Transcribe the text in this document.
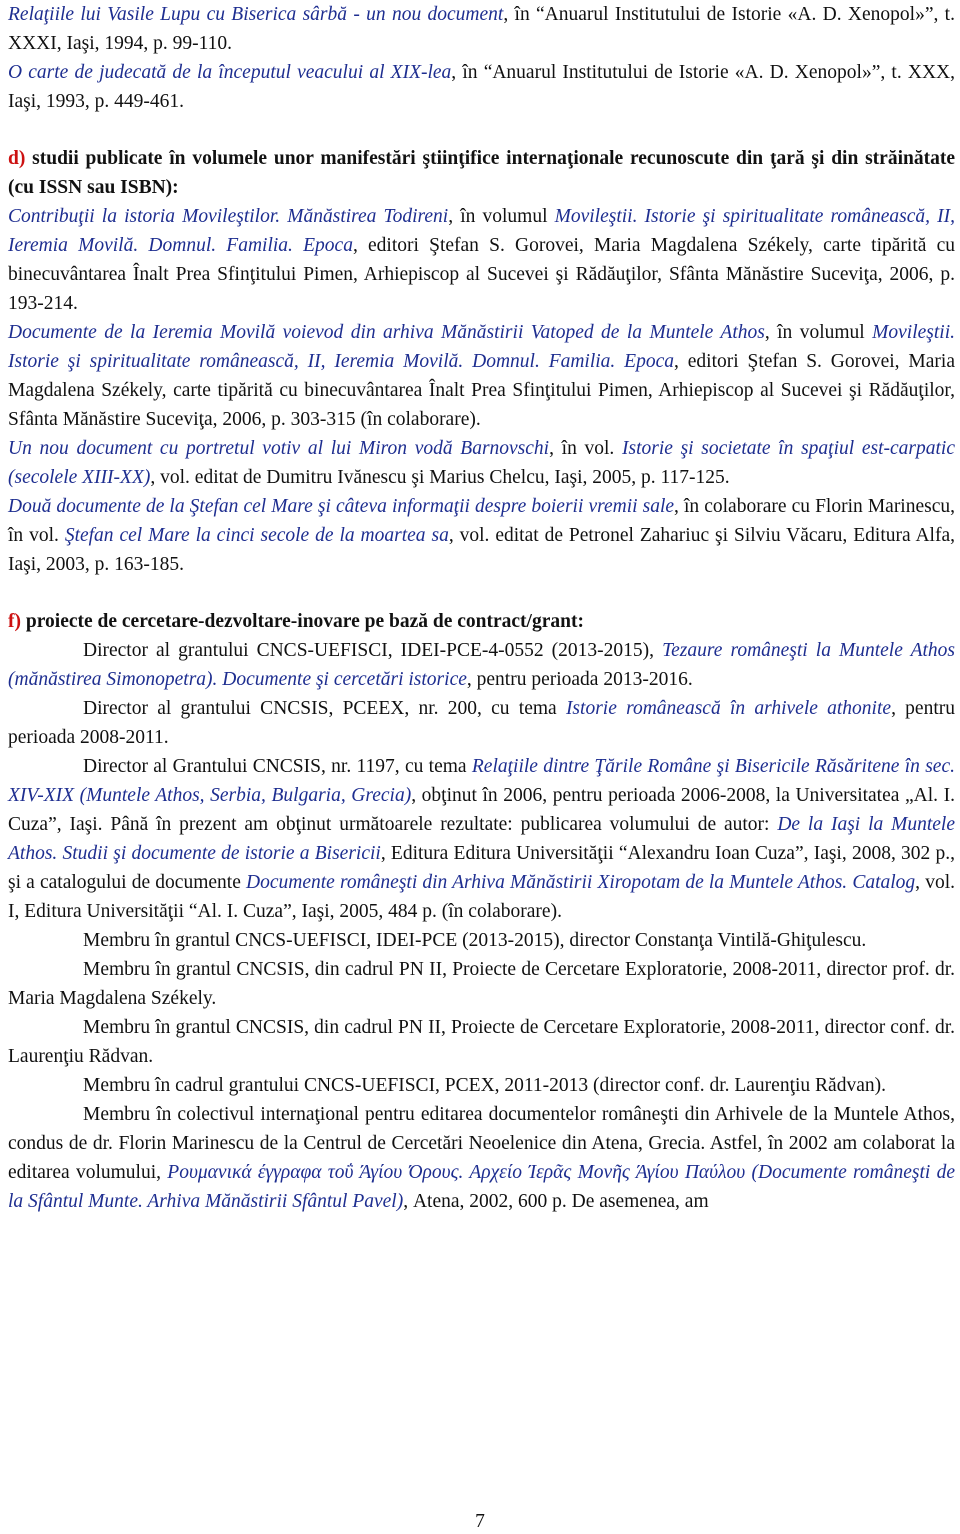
Relaţiile lui Vasile Lupu cu Biserica sârbă - un nou document, în “Anuarul Institutului de Istorie «A. D. Xenopol»”, t. XXXI, Iaşi, 1994, p. 99-110.

O carte de judecată de la începutul veacului al XIX-lea, în “Anuarul Institutului de Istorie «A. D. Xenopol»”, t. XXX, Iaşi, 1993, p. 449-461.

d) studii publicate în volumele unor manifestări ştiinţifice internaţionale recunoscute din ţară şi din străinătate (cu ISSN sau ISBN):

Contribuţii la istoria Movileştilor. Mănăstirea Todireni, în volumul Movileştii. Istorie şi spiritualitate românească, II, Ieremia Movilă. Domnul. Familia. Epoca, editori Ştefan S. Gorovei, Maria Magdalena Székely, carte tipărită cu binecuvântarea Înalt Prea Sfinţitului Pimen, Arhiepiscop al Sucevei şi Rădăuţilor, Sfânta Mănăstire Suceviţa, 2006, p. 193-214.

Documente de la Ieremia Movilă voievod din arhiva Mănăstirii Vatoped de la Muntele Athos, în volumul Movileştii. Istorie şi spiritualitate românească, II, Ieremia Movilă. Domnul. Familia. Epoca, editori Ştefan S. Gorovei, Maria Magdalena Székely, carte tipărită cu binecuvântarea Înalt Prea Sfinţitului Pimen, Arhiepiscop al Sucevei şi Rădăuţilor, Sfânta Mănăstire Suceviţa, 2006, p. 303-315 (în colaborare).

Un nou document cu portretul votiv al lui Miron vodă Barnovschi, în vol. Istorie şi societate în spaţiul est-carpatic (secolele XIII-XX), vol. editat de Dumitru Ivănescu şi Marius Chelcu, Iaşi, 2005, p. 117-125.

Două documente de la Ştefan cel Mare şi câteva informaţii despre boierii vremii sale, în colaborare cu Florin Marinescu, în vol. Ştefan cel Mare la cinci secole de la moartea sa, vol. editat de Petronel Zahariuc şi Silviu Văcaru, Editura Alfa, Iaşi, 2003, p. 163-185.

f) proiecte de cercetare-dezvoltare-inovare pe bază de contract/grant:

Director al grantului CNCS-UEFISCI, IDEI-PCE-4-0552 (2013-2015), Tezaure româneşti la Muntele Athos (mănăstirea Simonopetra). Documente şi cercetări istorice, pentru perioada 2013-2016.

Director al grantului CNCSIS, PCEEX, nr. 200, cu tema Istorie românească în arhivele athonite, pentru perioada 2008-2011.

Director al Grantului CNCSIS, nr. 1197, cu tema Relaţiile dintre Ţările Române şi Bisericile Răsăritene în sec. XIV-XIX (Muntele Athos, Serbia, Bulgaria, Grecia), obţinut în 2006, pentru perioada 2006-2008, la Universitatea „Al. I. Cuza”, Iaşi. Până în prezent am obţinut următoarele rezultate: publicarea volumului de autor: De la Iaşi la Muntele Athos. Studii şi documente de istorie a Bisericii, Editura Editura Universităţii “Alexandru Ioan Cuza”, Iaşi, 2008, 302 p., şi a catalogului de documente Documente româneşti din Arhiva Mănăstirii Xiropotam de la Muntele Athos. Catalog, vol. I, Editura Universităţii “Al. I. Cuza”, Iaşi, 2005, 484 p. (în colaborare).

Membru în grantul CNCS-UEFISCI, IDEI-PCE (2013-2015), director Constanţa Vintilă-Ghiţulescu.

Membru în grantul CNCSIS, din cadrul PN II, Proiecte de Cercetare Exploratorie, 2008-2011, director prof. dr. Maria Magdalena Székely.

Membru în grantul CNCSIS, din cadrul PN II, Proiecte de Cercetare Exploratorie, 2008-2011, director conf. dr. Laurenţiu Rădvan.

Membru în cadrul grantului CNCS-UEFISCI, PCEX, 2011-2013 (director conf. dr. Laurenţiu Rădvan).

Membru în colectivul internaţional pentru editarea documentelor româneşti din Arhivele de la Muntele Athos, condus de dr. Florin Marinescu de la Centrul de Cercetări Neoelenice din Atena, Grecia. Astfel, în 2002 am colaborat la editarea volumului, Ρουμανικά έγγραφα τοΰ Άγίου Όρους. Αρχείο Ίερᾶς Μονῆς Άγίου Παύλου (Documente româneşti de la Sfântul Munte. Arhiva Mănăstirii Sfântul Pavel), Atena, 2002, 600 p. De asemenea, am

7
